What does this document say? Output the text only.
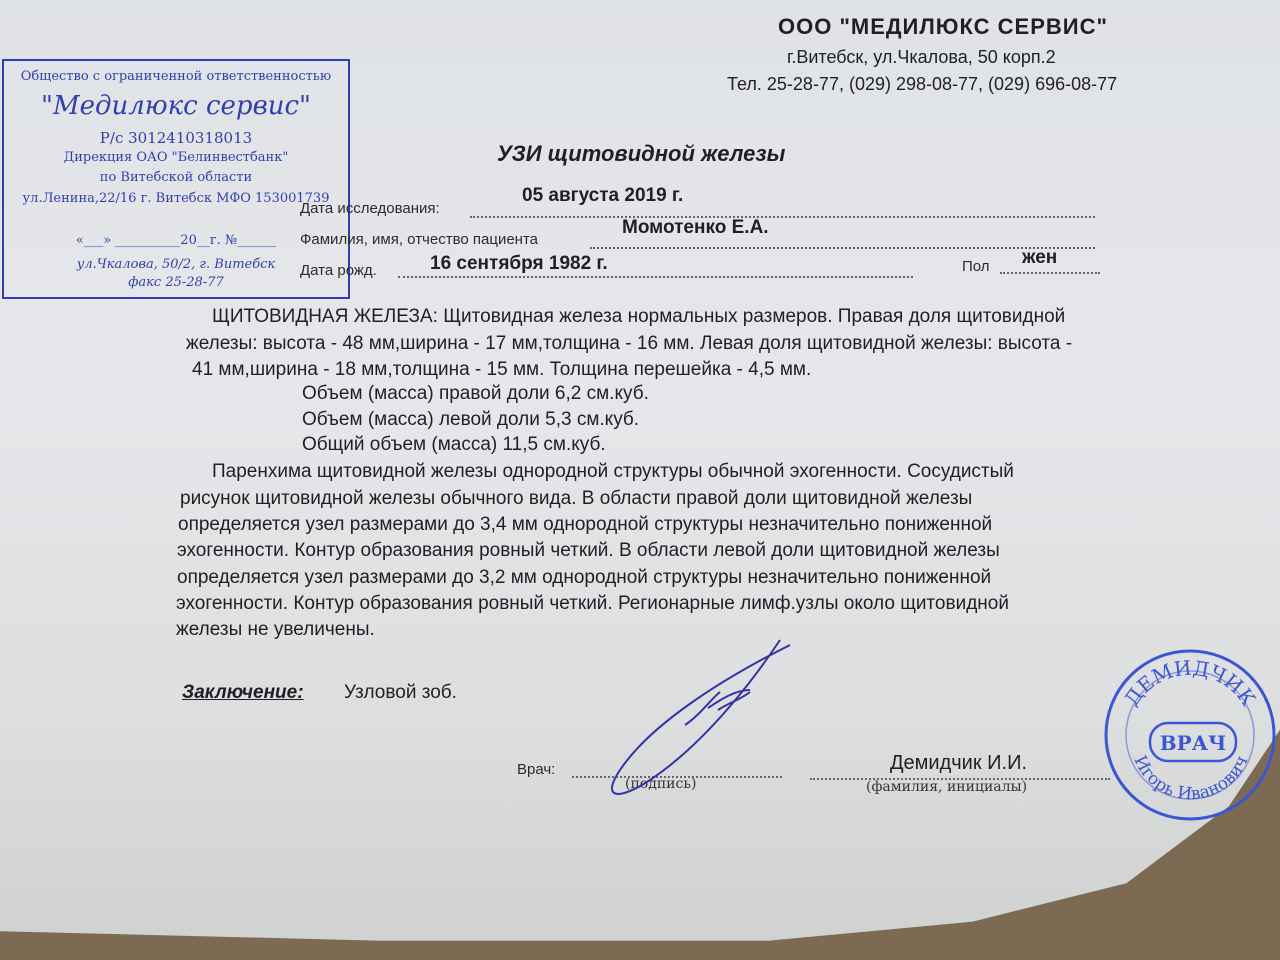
ООО "МЕДИЛЮКС СЕРВИС"
г.Витебск, ул.Чкалова, 50 корп.2
Тел. 25-28-77, (029) 298-08-77, (029) 696-08-77
Общество с ограниченной ответственностью
"Медилюкс сервис"
Р/с 3012410318013
Дирекция ОАО "Белинвестбанк"
по Витебской области
ул.Ленина,22/16 г. Витебск МФО 153001739
«___» __________20__г. №______
ул.Чкалова, 50/2, г. Витебск
факс 25-28-77
УЗИ щитовидной железы
Дата исследования:
05 августа 2019 г.
Фамилия, имя, отчество пациента
Момотенко Е.А.
Дата рожд.	16 сентября 1982 г.	Пол жен
ЩИТОВИДНАЯ ЖЕЛЕЗА: Щитовидная железа нормальных размеров. Правая доля щитовидной
железы: высота - 48 мм,ширина - 17 мм,толщина - 16 мм. Левая доля щитовидной железы: высота -
41 мм,ширина - 18 мм,толщина - 15 мм. Толщина перешейка - 4,5 мм.
Объем (масса) правой доли 6,2 см.куб.
Объем (масса) левой доли 5,3 см.куб.
Общий объем (масса) 11,5 см.куб.
Паренхима щитовидной железы однородной структуры обычной эхогенности. Сосудистый
рисунок щитовидной железы обычного вида. В области правой доли щитовидной железы
определяется узел размерами до 3,4 мм однородной структуры незначительно пониженной
эхогенности. Контур образования ровный четкий. В области левой доли щитовидной железы
определяется узел размерами до 3,2 мм однородной структуры незначительно пониженной
эхогенности. Контур образования ровный четкий. Регионарные лимф.узлы около щитовидной
железы не увеличены.
Заключение: Узловой зоб.
Врач:
(подпись)
Демидчик И.И.
(фамилия, инициалы)
ДЕМИДЧИК
ВРАЧ
Игорь Иванович
